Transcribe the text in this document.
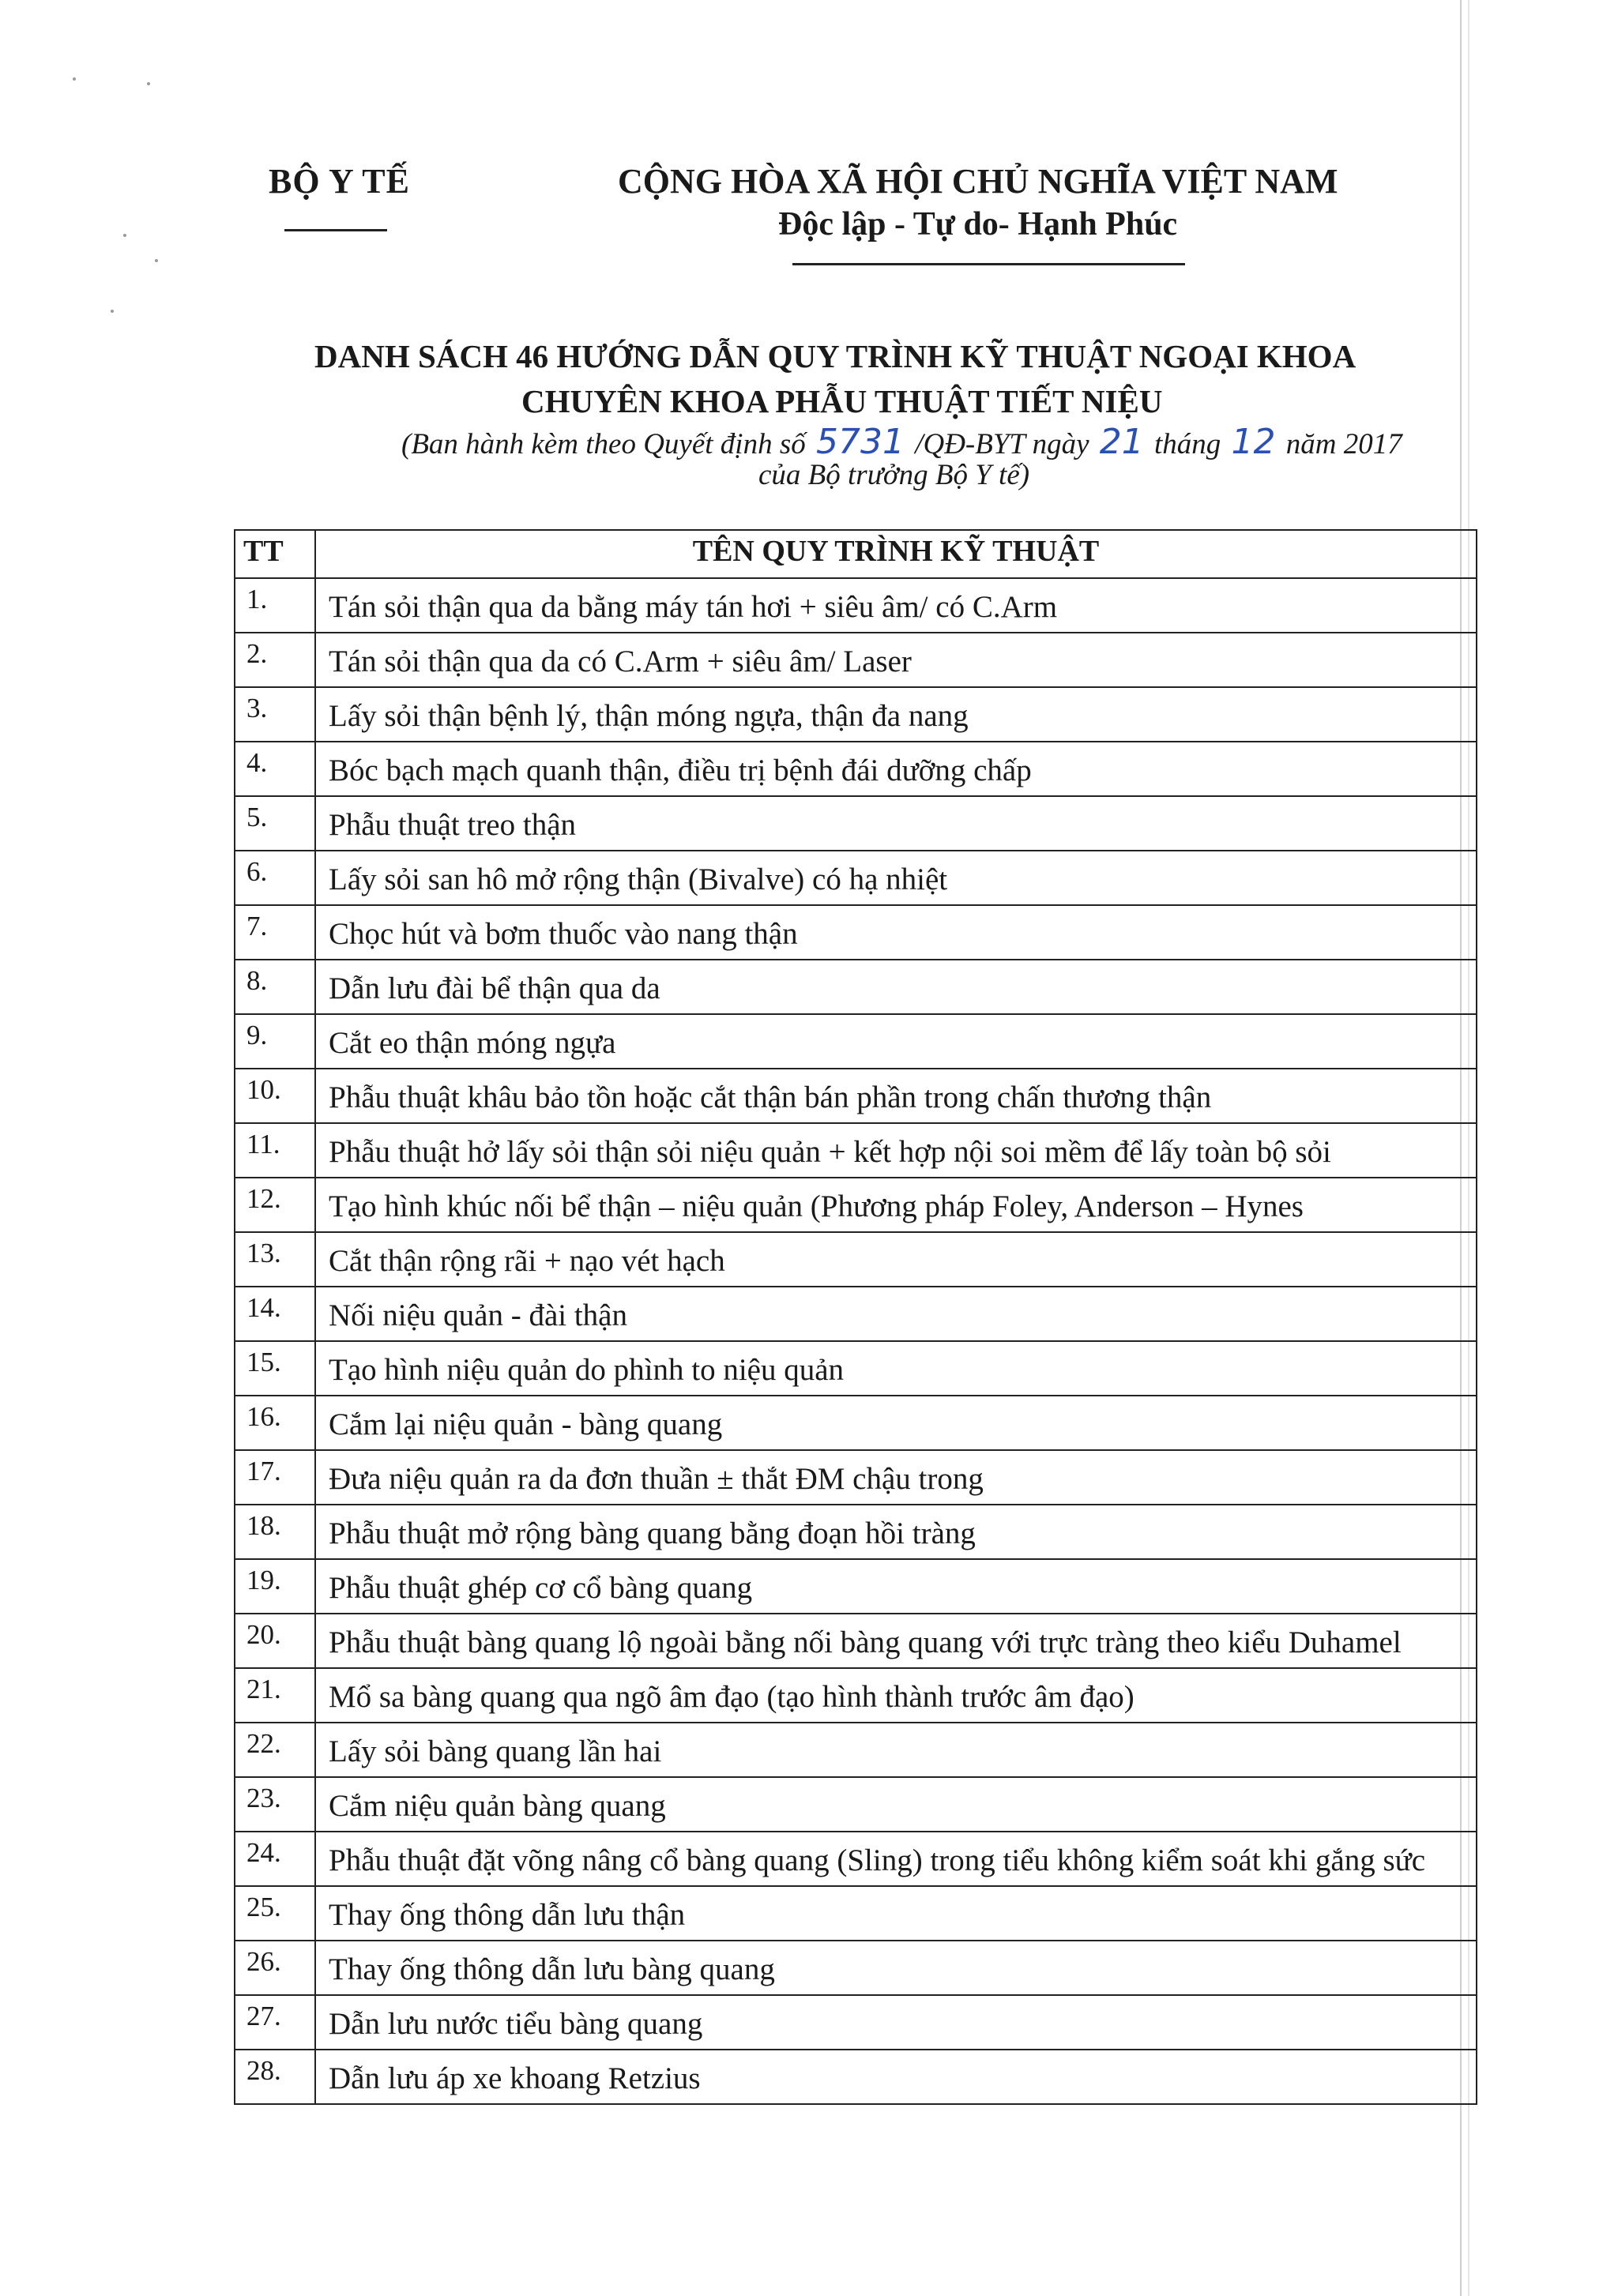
BỘ Y TẾ	CỘNG HÒA XÃ HỘI CHỦ NGHĨA VIỆT NAM
Độc lập - Tự do- Hạnh Phúc
DANH SÁCH 46 HƯỚNG DẪN QUY TRÌNH KỸ THUẬT NGOẠI KHOA
CHUYÊN KHOA PHẪU THUẬT TIẾT NIỆU
(Ban hành kèm theo Quyết định số 5731 /QĐ-BYT ngày 21 tháng 12 năm 2017
của Bộ trưởng Bộ Y tế)
TT	TÊN QUY TRÌNH KỸ THUẬT
1.	Tán sỏi thận qua da bằng máy tán hơi + siêu âm/ có C.Arm
2.	Tán sỏi thận qua da có C.Arm + siêu âm/ Laser
3.	Lấy sỏi thận bệnh lý, thận móng ngựa, thận đa nang
4.	Bóc bạch mạch quanh thận, điều trị bệnh đái dưỡng chấp
5.	Phẫu thuật treo thận
6.	Lấy sỏi san hô mở rộng thận (Bivalve) có hạ nhiệt
7.	Chọc hút và bơm thuốc vào nang thận
8.	Dẫn lưu đài bể thận qua da
9.	Cắt eo thận móng ngựa
10.	Phẫu thuật khâu bảo tồn hoặc cắt thận bán phần trong chấn thương thận
11.	Phẫu thuật hở lấy sỏi thận sỏi niệu quản + kết hợp nội soi mềm để lấy toàn bộ sỏi
12.	Tạo hình khúc nối bể thận – niệu quản (Phương pháp Foley, Anderson – Hynes
13.	Cắt thận rộng rãi + nạo vét hạch
14.	Nối niệu quản - đài thận
15.	Tạo hình niệu quản do phình to niệu quản
16.	Cắm lại niệu quản - bàng quang
17.	Đưa niệu quản ra da đơn thuần ± thắt ĐM chậu trong
18.	Phẫu thuật mở rộng bàng quang bằng đoạn hồi tràng
19.	Phẫu thuật ghép cơ cổ bàng quang
20.	Phẫu thuật bàng quang lộ ngoài bằng nối bàng quang với trực tràng theo kiểu Duhamel
21.	Mổ sa bàng quang qua ngõ âm đạo (tạo hình thành trước âm đạo)
22.	Lấy sỏi bàng quang lần hai
23.	Cắm niệu quản bàng quang
24.	Phẫu thuật đặt võng nâng cổ bàng quang (Sling) trong tiểu không kiểm soát khi gắng sức
25.	Thay ống thông dẫn lưu thận
26.	Thay ống thông dẫn lưu bàng quang
27.	Dẫn lưu nước tiểu bàng quang
28.	Dẫn lưu áp xe khoang Retzius
